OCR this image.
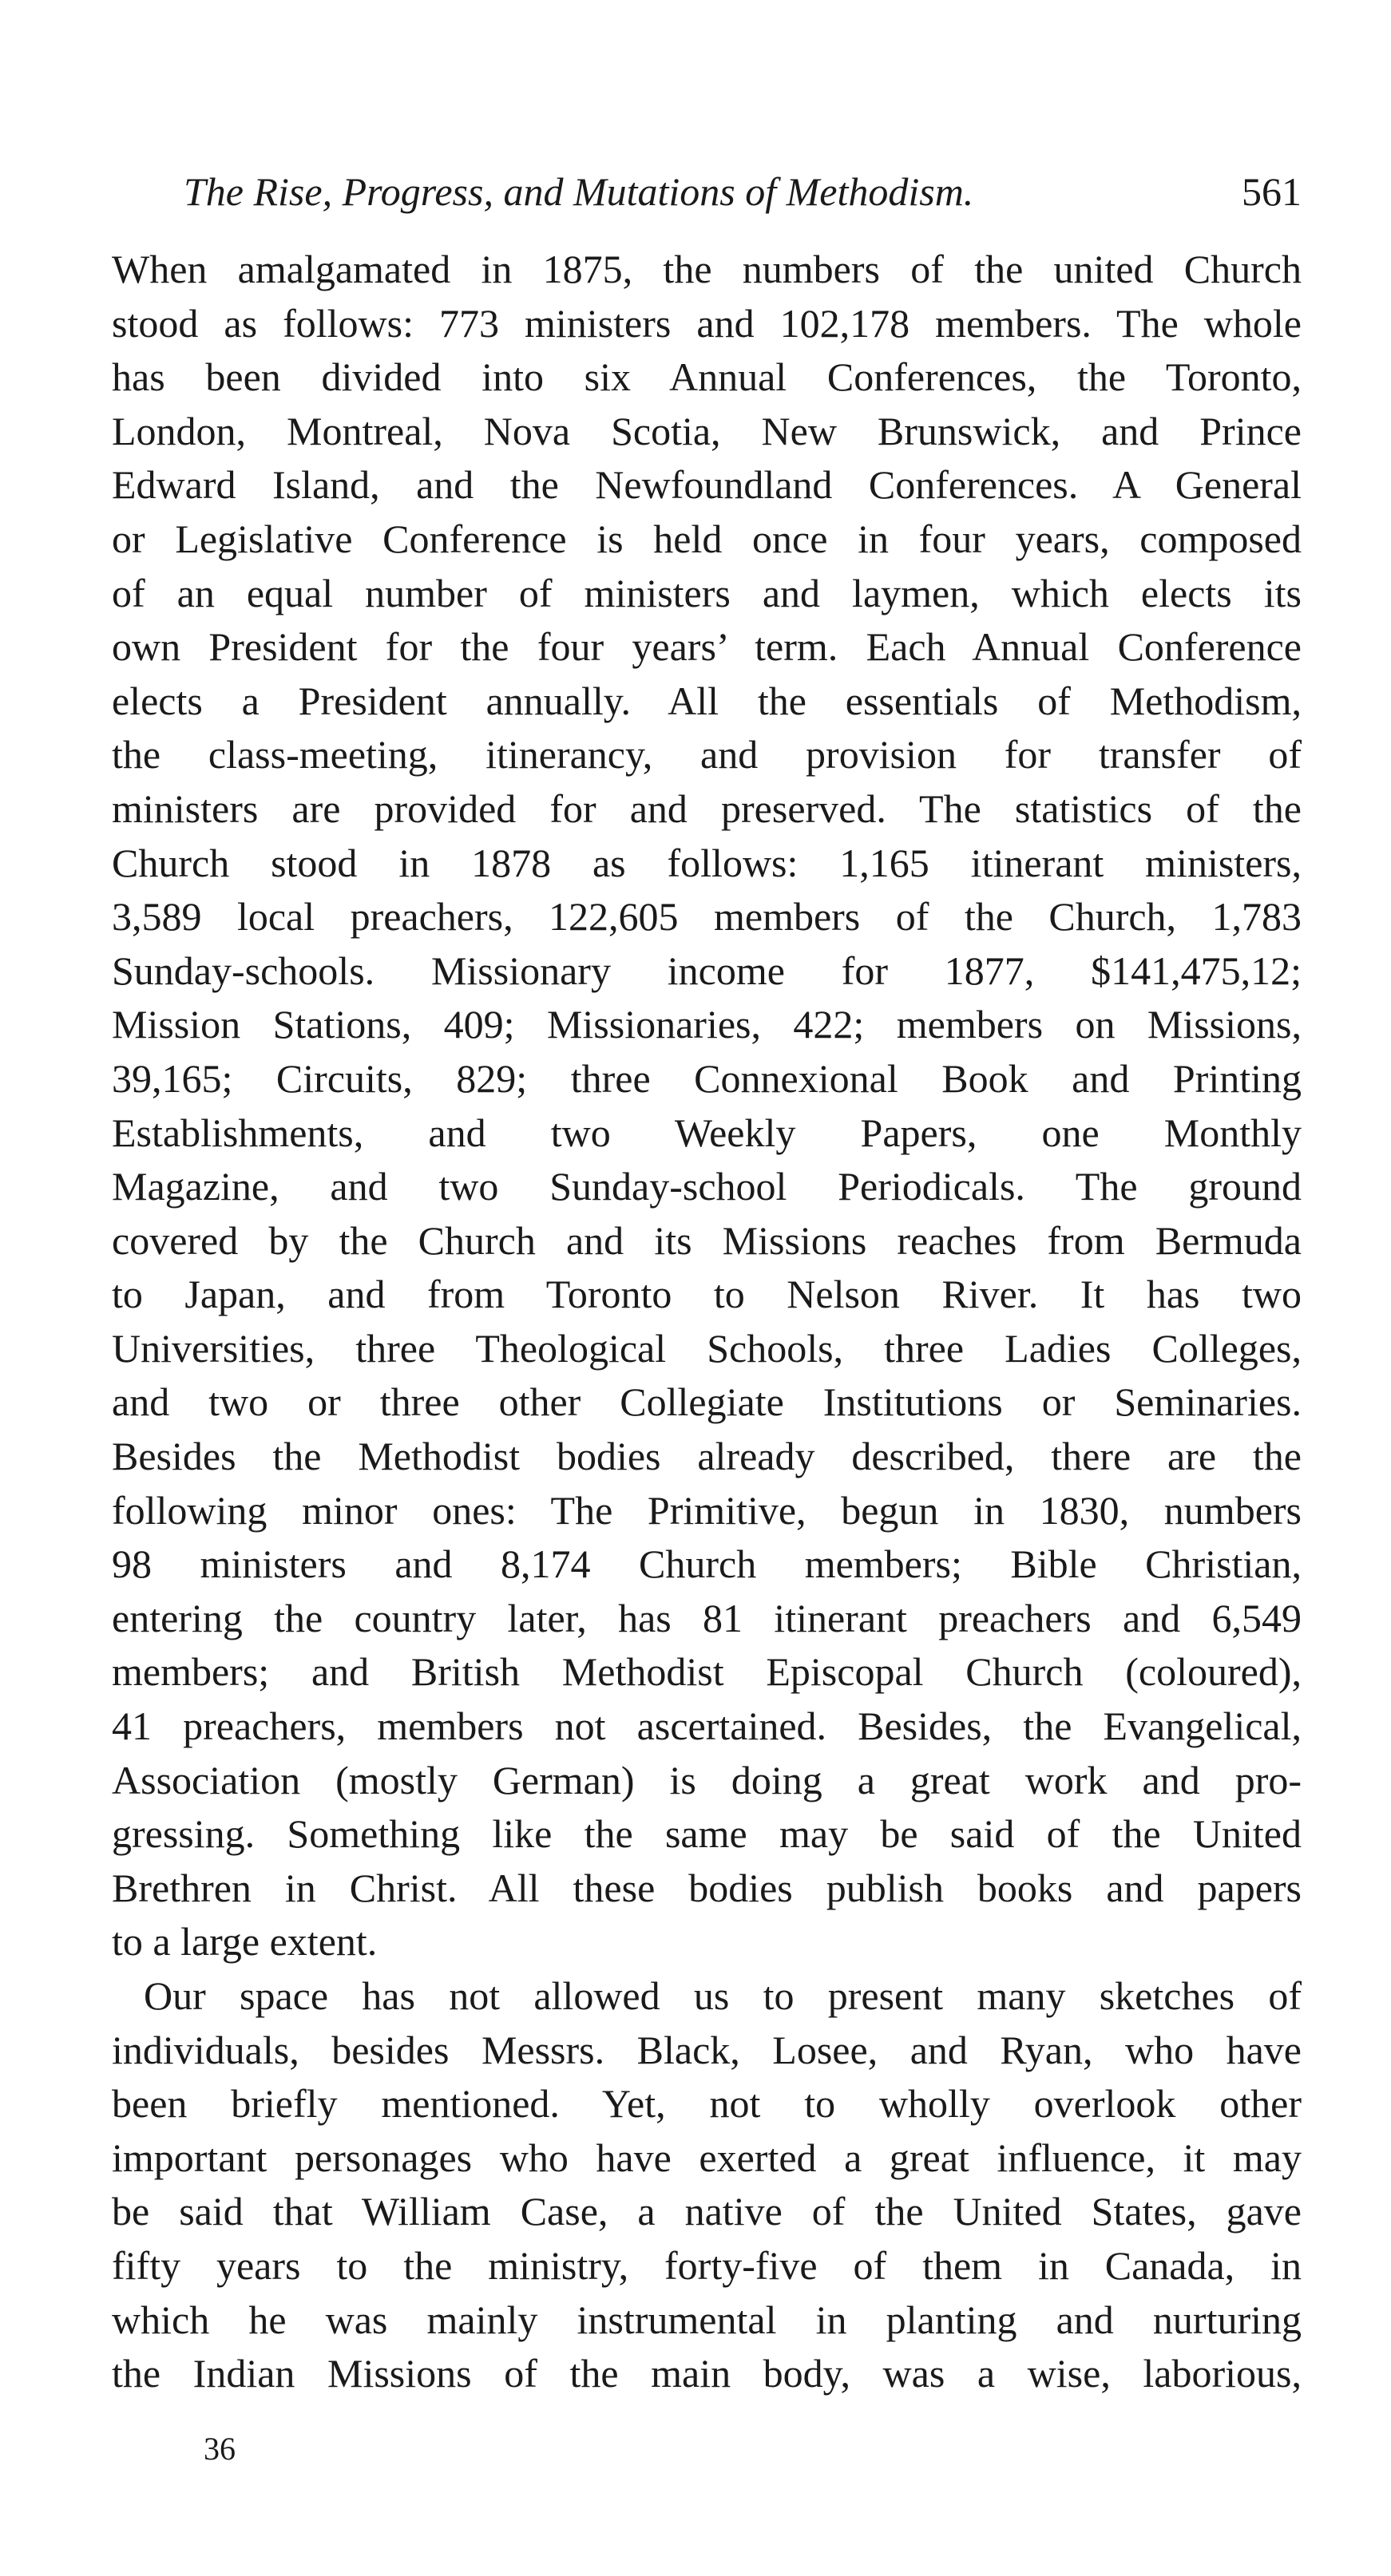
The Rise, Progress, and Mutations of Methodism.	561
When amalgamated in 1875, the numbers of the united Church
stood as follows: 773 ministers and 102,178 members. The whole
has been divided into six Annual Conferences, the Toronto,
London, Montreal, Nova Scotia, New Brunswick, and Prince
Edward Island, and the Newfoundland Conferences. A General
or Legislative Conference is held once in four years, composed
of an equal number of ministers and laymen, which elects its
own President for the four years’ term. Each Annual Conference
elects a President annually. All the essentials of Methodism,
the class-meeting, itinerancy, and provision for transfer of
ministers are provided for and preserved. The statistics of the
Church stood in 1878 as follows: 1,165 itinerant ministers,
3,589 local preachers, 122,605 members of the Church, 1,783
Sunday-schools. Missionary income for 1877, $141,475,12;
Mission Stations, 409; Missionaries, 422; members on Missions,
39,165; Circuits, 829; three Connexional Book and Printing
Establishments, and two Weekly Papers, one Monthly
Magazine, and two Sunday-school Periodicals. The ground
covered by the Church and its Missions reaches from Bermuda
to Japan, and from Toronto to Nelson River. It has two
Universities, three Theological Schools, three Ladies Colleges,
and two or three other Collegiate Institutions or Seminaries.
Besides the Methodist bodies already described, there are the
following minor ones: The Primitive, begun in 1830, numbers
98 ministers and 8,174 Church members; Bible Christian,
entering the country later, has 81 itinerant preachers and 6,549
members; and British Methodist Episcopal Church (coloured),
41 preachers, members not ascertained. Besides, the Evangelical,
Association (mostly German) is doing a great work and pro-
gressing. Something like the same may be said of the United
Brethren in Christ. All these bodies publish books and papers
to a large extent.
Our space has not allowed us to present many sketches of
individuals, besides Messrs. Black, Losee, and Ryan, who have
been briefly mentioned. Yet, not to wholly overlook other
important personages who have exerted a great influence, it may
be said that William Case, a native of the United States, gave
fifty years to the ministry, forty-five of them in Canada, in
which he was mainly instrumental in planting and nurturing
the Indian Missions of the main body, was a wise, laborious,
36
